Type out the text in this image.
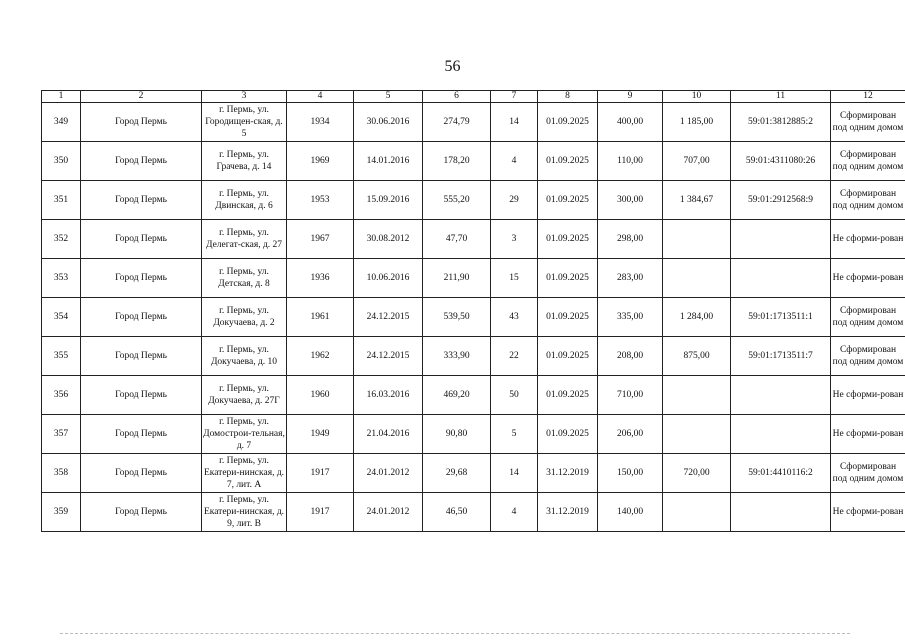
56
1	2	3	4	5	6	7	8	9	10	11	12
349	Город Пермь	г. Пермь, ул. Городищен-ская, д. 5	1934	30.06.2016	274,79	14	01.09.2025	400,00	1 185,00	59:01:3812885:2	Сформирован под одним домом
350	Город Пермь	г. Пермь, ул. Грачева, д. 14	1969	14.01.2016	178,20	4	01.09.2025	110,00	707,00	59:01:4311080:26	Сформирован под одним домом
351	Город Пермь	г. Пермь, ул. Двинская, д. 6	1953	15.09.2016	555,20	29	01.09.2025	300,00	1 384,67	59:01:2912568:9	Сформирован под одним домом
352	Город Пермь	г. Пермь, ул. Делегат-ская, д. 27	1967	30.08.2012	47,70	3	01.09.2025	298,00			Не сформи-рован
353	Город Пермь	г. Пермь, ул. Детская, д. 8	1936	10.06.2016	211,90	15	01.09.2025	283,00			Не сформи-рован
354	Город Пермь	г. Пермь, ул. Докучаева, д. 2	1961	24.12.2015	539,50	43	01.09.2025	335,00	1 284,00	59:01:1713511:1	Сформирован под одним домом
355	Город Пермь	г. Пермь, ул. Докучаева, д. 10	1962	24.12.2015	333,90	22	01.09.2025	208,00	875,00	59:01:1713511:7	Сформирован под одним домом
356	Город Пермь	г. Пермь, ул. Докучаева, д. 27Г	1960	16.03.2016	469,20	50	01.09.2025	710,00			Не сформи-рован
357	Город Пермь	г. Пермь, ул. Домострои-тельная, д. 7	1949	21.04.2016	90,80	5	01.09.2025	206,00			Не сформи-рован
358	Город Пермь	г. Пермь, ул. Екатери-нинская, д. 7, лит. А	1917	24.01.2012	29,68	14	31.12.2019	150,00	720,00	59:01:4410116:2	Сформирован под одним домом
359	Город Пермь	г. Пермь, ул. Екатери-нинская, д. 9, лит. В	1917	24.01.2012	46,50	4	31.12.2019	140,00			Не сформи-рован
